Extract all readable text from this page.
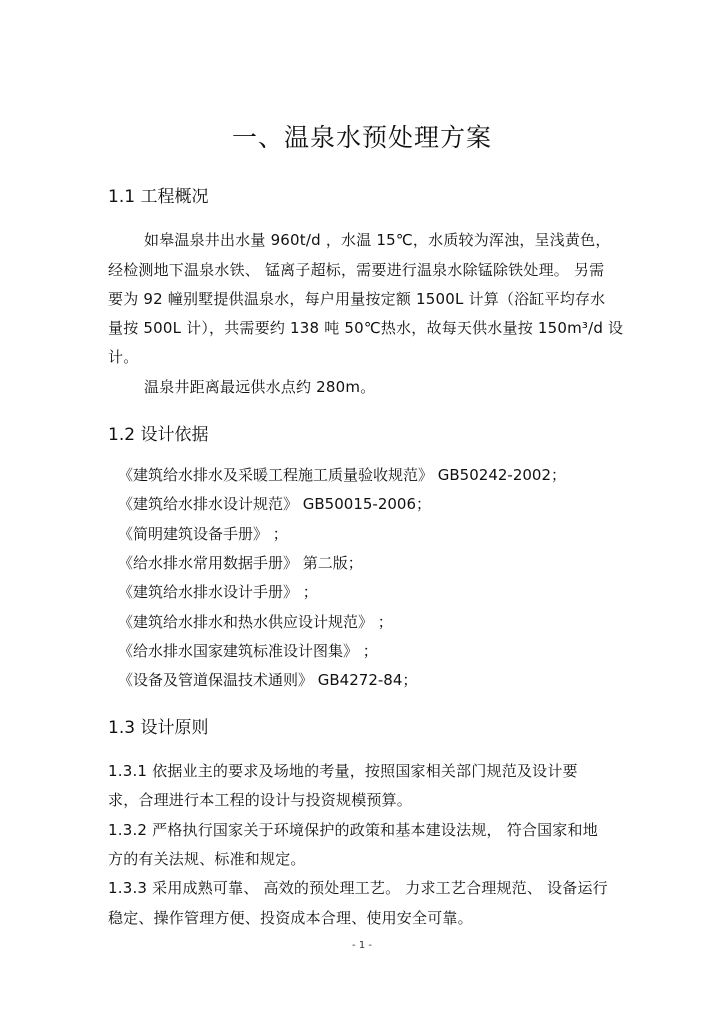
一、温泉水预处理方案
1.1 工程概况
如皋温泉井出水量 960t/d ，水温 15℃，水质较为浑浊，呈浅黄色，
经检测地下温泉水铁、 锰离子超标，需要进行温泉水除锰除铁处理。 另需
要为 92 幢别墅提供温泉水，每户用量按定额 1500L 计算（浴缸平均存水
量按 500L 计），共需要约 138 吨 50℃热水，故每天供水量按 150m³/d 设
计。
温泉井距离最远供水点约 280m。
1.2 设计依据
《建筑给水排水及采暖工程施工质量验收规范》 GB50242-2002；
《建筑给水排水设计规范》 GB50015-2006；
《简明建筑设备手册》 ；
《给水排水常用数据手册》 第二版；
《建筑给水排水设计手册》 ；
《建筑给水排水和热水供应设计规范》 ；
《给水排水国家建筑标准设计图集》 ；
《设备及管道保温技术通则》 GB4272-84；
1.3 设计原则
1.3.1 依据业主的要求及场地的考量，按照国家相关部门规范及设计要
求，合理进行本工程的设计与投资规模预算。
1.3.2 严格执行国家关于环境保护的政策和基本建设法规， 符合国家和地
方的有关法规、标准和规定。
1.3.3 采用成熟可靠、 高效的预处理工艺。 力求工艺合理规范、 设备运行
稳定、操作管理方便、投资成本合理、使用安全可靠。
- 1 -
